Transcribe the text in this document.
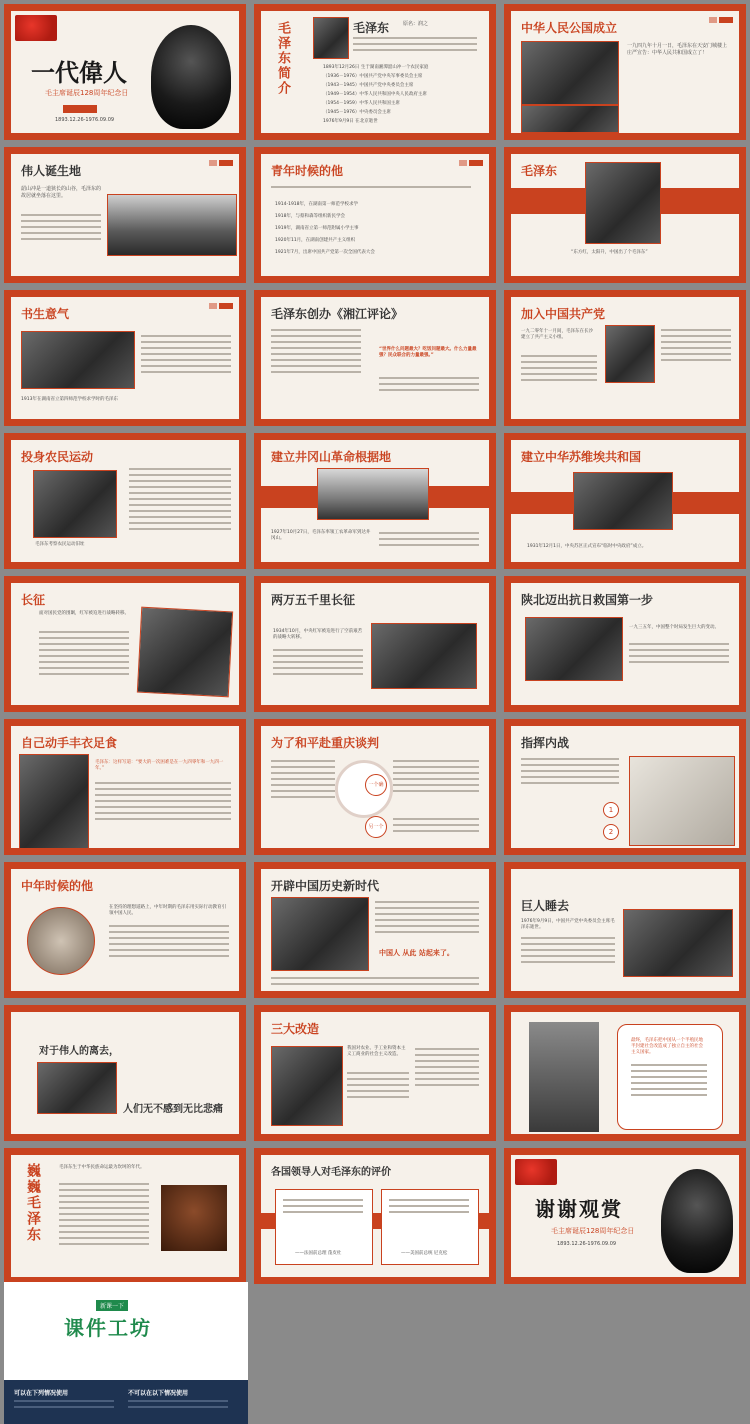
一代偉人
毛主席诞辰128周年纪念日
1893.12.26-1976.09.09
毛泽东简介	毛泽东	原名：润之
1893年12月26日 生于湖南湘潭韶山冲一个农民家庭
（1936－1976）中国共产党中央军事委员会主席
（1943－1945）中国共产党中央委员会主席
（1949－1954）中华人民共和国中央人民政府主席
（1954－1959）中华人民共和国主席
（1945－1976）中央委员会主席
1976年9月9日 在北京逝世
中华人民公国成立
一九四九年十月一日，毛泽东在天安门城楼上庄严宣告：中华人民共和国成立了！
伟人诞生地
韶山冲是一道狭长的山谷，毛泽东的故居就坐落在这里。
青年时候的他
1914-1918年，在湖南第一师范学校求学
1918年，与蔡和森等组织新民学会
1919年，湖南省立第一师范附属小学主事
1920年11月，在湖南创建共产主义组织
1921年7月，出席中国共产党第一次全国代表大会
毛泽东
“东方红，太阳升，中国出了个毛泽东”
书生意气
1913年在湖南省立第四师范学校求学时的毛泽东
毛泽东创办《湘江评论》
“世界什么问题最大？吃饭问题最大。什么力量最强？民众联合的力量最强。”
加入中国共产党
一九二零年十一月间，毛泽东在长沙建立了共产主义小组。
投身农民运动
毛泽东考察农民运动旧址
建立井冈山革命根据地
1927年10月27日，毛泽东率领工农革命军到达井冈山。
建立中华苏维埃共和国
1931年12月1日，中央苏区正式宣布“临时中央政府”成立。
长征
面对国民党的围剿，红军被迫进行战略转移。
两万五千里长征
1934年10月，中央红军被迫进行了空前艰苦的战略大转移。
陕北迈出抗日救国第一步
一九三五年，中国整个时局发生巨大的变动。
自己动手丰衣足食
毛泽东：这样写道：“要大的一次困难是在一九四零年和一九四一年。”
为了和平赴重庆谈判
一个确
另一个
指挥内战
1
2
中年时候的他
在坚持的理想道路上，中年时期的毛泽东用实际行动教育引领中国人民。
开辟中国历史新时代
中国人 从此 站起来了。
巨人睡去
1976年9月9日，中国共产党中央委员会主席毛泽东逝世。
对于伟人的离去，
人们无不感到无比悲痛
三大改造
我国对农业、手工业和资本主义工商业的社会主义改造。
最终，毛泽东把中国从一个半殖民地半封建社会改造成了独立自主的社会主义国家。
巍巍毛泽东	毛泽东生于中华民族命运最为坎坷的年代。	各国领导人对毛泽东的评价
——法国前总理 蓬皮杜	——美国前总统 尼克松
谢谢观赏
毛主席诞辰128周年纪念日
1893.12.26-1976.09.09
新课一下
课件工坊
可以在下列情况使用	不可以在以下情况使用
